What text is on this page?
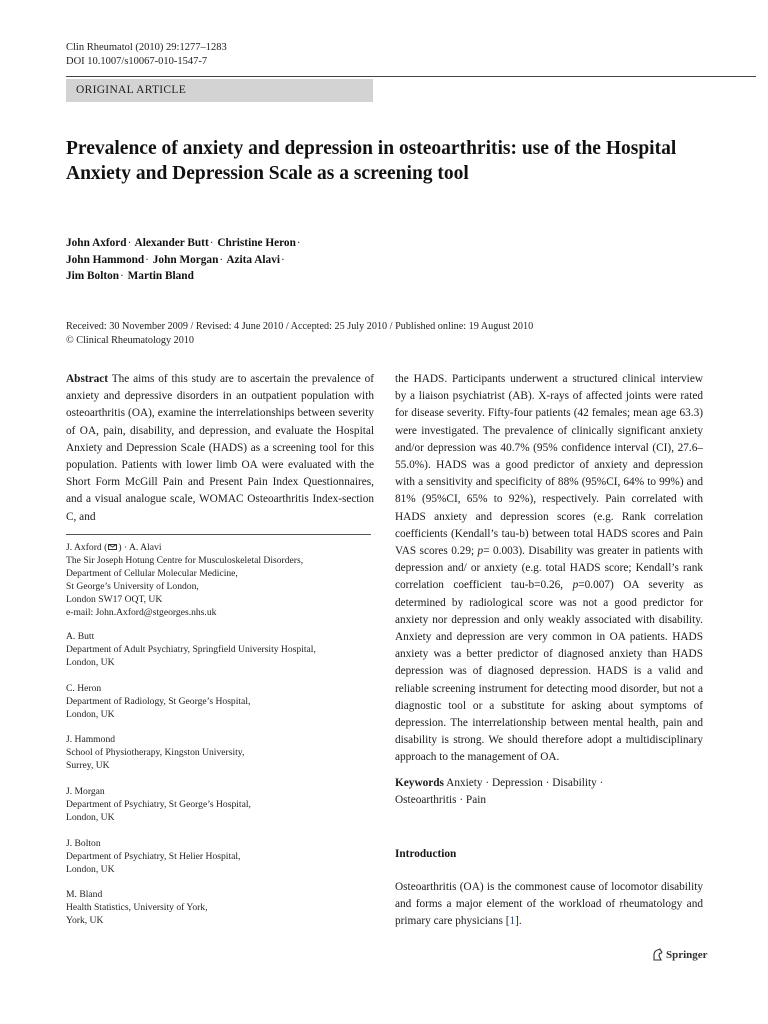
Clin Rheumatol (2010) 29:1277–1283
DOI 10.1007/s10067-010-1547-7
ORIGINAL ARTICLE
Prevalence of anxiety and depression in osteoarthritis: use of the Hospital Anxiety and Depression Scale as a screening tool
John Axford· Alexander Butt· Christine Heron·
John Hammond· John Morgan· Azita Alavi·
Jim Bolton· Martin Bland
Received: 30 November 2009 / Revised: 4 June 2010 / Accepted: 25 July 2010 / Published online: 19 August 2010
© Clinical Rheumatology 2010
Abstract The aims of this study are to ascertain the prevalence of anxiety and depressive disorders in an outpatient population with osteoarthritis (OA), examine the interrelationships between severity of OA, pain, disability, and depression, and evaluate the Hospital Anxiety and Depression Scale (HADS) as a screening tool for this population. Patients with lower limb OA were evaluated with the Short Form McGill Pain and Present Pain Index Questionnaires, and a visual analogue scale, WOMAC Osteoarthritis Index-section C, and
J. Axford ( ) · A. Alavi
The Sir Joseph Hotung Centre for Musculoskeletal Disorders,
Department of Cellular Molecular Medicine,
St George’s University of London,
London SW17 OQT, UK
e-mail: John.Axford@stgeorges.nhs.uk
A. Butt
Department of Adult Psychiatry, Springfield University Hospital,
London, UK
C. Heron
Department of Radiology, St George’s Hospital,
London, UK
J. Hammond
School of Physiotherapy, Kingston University,
Surrey, UK
J. Morgan
Department of Psychiatry, St George’s Hospital,
London, UK
J. Bolton
Department of Psychiatry, St Helier Hospital,
London, UK
M. Bland
Health Statistics, University of York,
York, UK
the HADS. Participants underwent a structured clinical interview by a liaison psychiatrist (AB). X-rays of affected joints were rated for disease severity. Fifty-four patients (42 females; mean age 63.3) were investigated. The prevalence of clinically significant anxiety and/or depression was 40.7% (95% confidence interval (CI), 27.6–55.0%). HADS was a good predictor of anxiety and depression with a sensitivity and specificity of 88% (95%CI, 64% to 99%) and 81% (95%CI, 65% to 92%), respectively. Pain correlated with HADS anxiety and depression scores (e.g. Rank correlation coefficients (Kendall’s tau-b) between total HADS scores and Pain VAS scores 0.29; p= 0.003). Disability was greater in patients with depression and/ or anxiety (e.g. total HADS score; Kendall’s rank correlation coefficient tau-b=0.26, p=0.007) OA severity as determined by radiological score was not a good predictor for anxiety nor depression and only weakly associated with disability. Anxiety and depression are very common in OA patients. HADS anxiety was a better predictor of diagnosed anxiety than HADS depression was of diagnosed depression. HADS is a valid and reliable screening instrument for detecting mood disorder, but not a diagnostic tool or a substitute for asking about symptoms of depression. The interrelationship between mental health, pain and disability is strong. We should therefore adopt a multidisciplinary approach to the management of OA.
Keywords Anxiety · Depression · Disability ·
Osteoarthritis · Pain
Introduction
Osteoarthritis (OA) is the commonest cause of locomotor disability and forms a major element of the workload of rheumatology and primary care physicians [1].
Springer
